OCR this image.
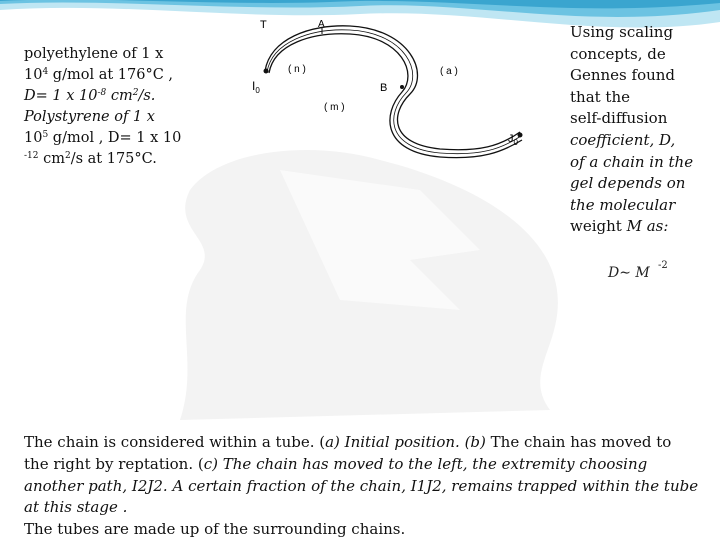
polyethylene of 1 x
$10^4$ g/mol at 176°C ,
D= 1 x $10^{-8}$ $cm^2/s$.
Polystyrene of 1 x
$10^5$ g/mol , D= 1 x 10
$^{-12}$ $cm^2/s$ at 175°C.
T	A
( n )	( a )
$I_0$	B
( m )
$J_0$
Using scaling
concepts, de
Gennes found
that the
self-diffusion
coefficient, D,
of a chain in the
gel depends on
the molecular
weight M as:
D∼ M -2
The chain is considered within a tube. (a) Initial position. (b) The chain has moved to
the right by reptation. (c) The chain has moved to the left, the extremity choosing
another path, I2J2. A certain fraction of the chain, I1J2, remains trapped within the tube
at this stage .
The tubes are made up of the surrounding chains.
